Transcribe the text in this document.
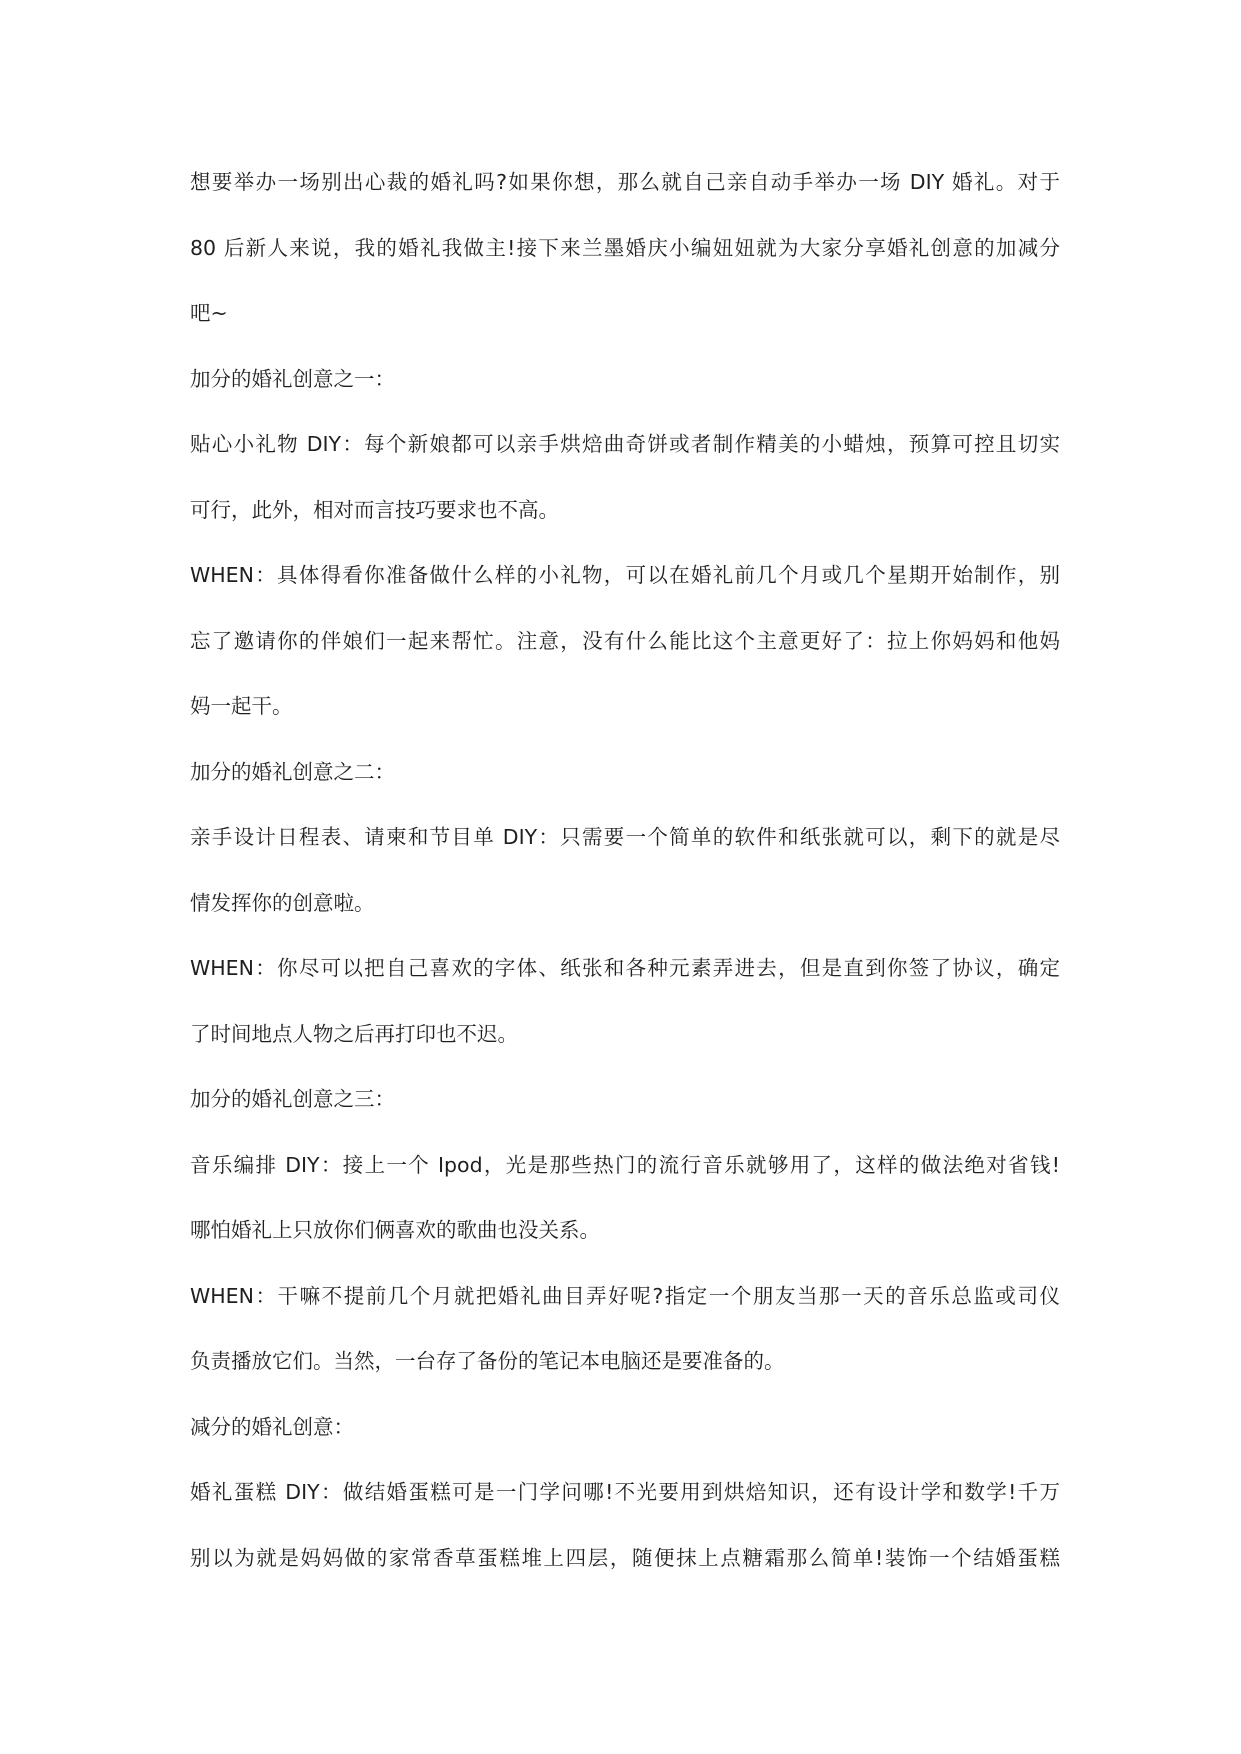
想要举办一场别出心裁的婚礼吗?如果你想，那么就自己亲自动手举办一场 DIY 婚礼。对于
80 后新人来说，我的婚礼我做主!接下来兰墨婚庆小编妞妞就为大家分享婚礼创意的加减分
吧~
加分的婚礼创意之一：
贴心小礼物 DIY：每个新娘都可以亲手烘焙曲奇饼或者制作精美的小蜡烛，预算可控且切实
可行，此外，相对而言技巧要求也不高。
WHEN：具体得看你准备做什么样的小礼物，可以在婚礼前几个月或几个星期开始制作，别
忘了邀请你的伴娘们一起来帮忙。注意，没有什么能比这个主意更好了：拉上你妈妈和他妈
妈一起干。
加分的婚礼创意之二：
亲手设计日程表、请柬和节目单 DIY：只需要一个简单的软件和纸张就可以，剩下的就是尽
情发挥你的创意啦。
WHEN：你尽可以把自己喜欢的字体、纸张和各种元素弄进去，但是直到你签了协议，确定
了时间地点人物之后再打印也不迟。
加分的婚礼创意之三：
音乐编排 DIY：接上一个 Ipod，光是那些热门的流行音乐就够用了，这样的做法绝对省钱!
哪怕婚礼上只放你们俩喜欢的歌曲也没关系。
WHEN：干嘛不提前几个月就把婚礼曲目弄好呢?指定一个朋友当那一天的音乐总监或司仪
负责播放它们。当然，一台存了备份的笔记本电脑还是要准备的。
减分的婚礼创意：
婚礼蛋糕 DIY：做结婚蛋糕可是一门学问哪!不光要用到烘焙知识，还有设计学和数学!千万
别以为就是妈妈做的家常香草蛋糕堆上四层，随便抹上点糖霜那么简单!装饰一个结婚蛋糕
